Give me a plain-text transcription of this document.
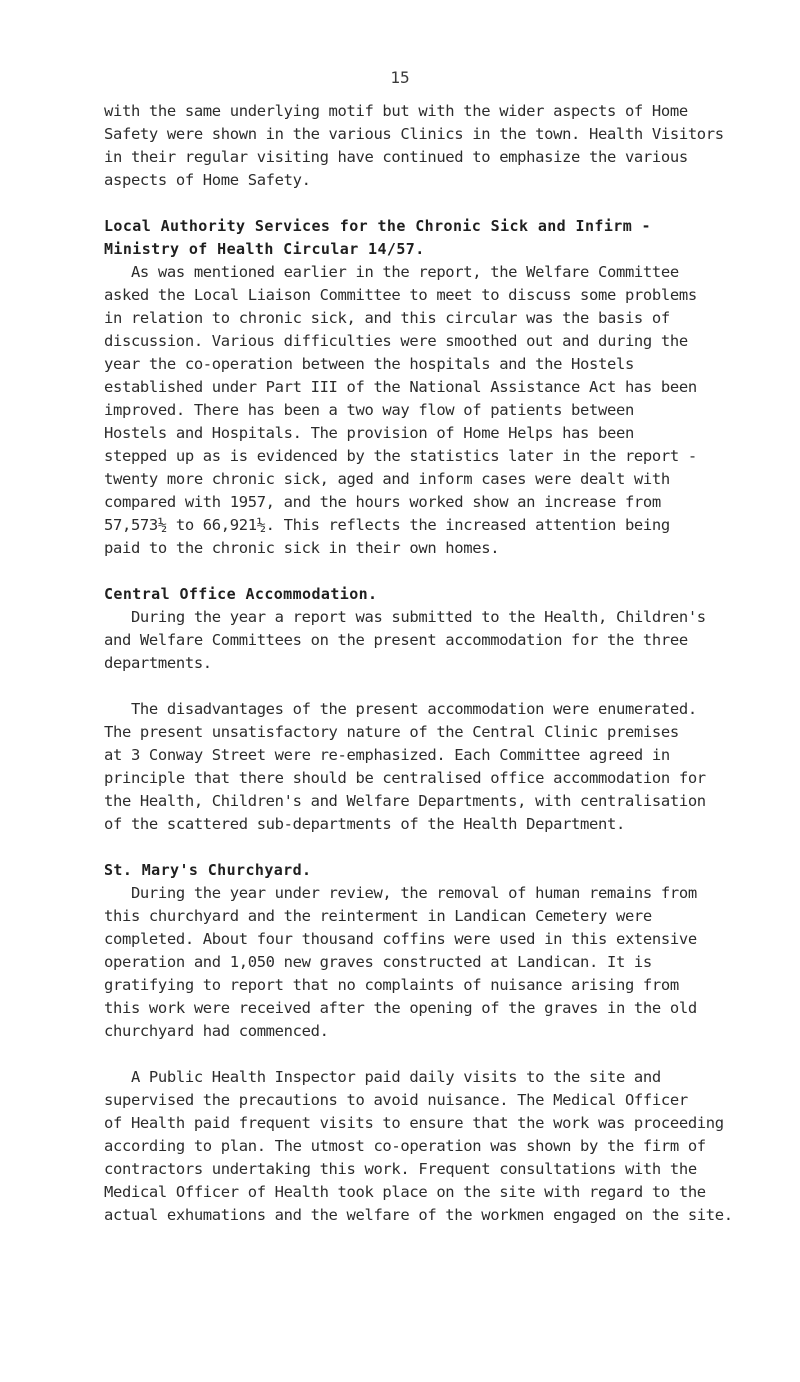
15
with the same underlying motif but with the wider aspects of Home
Safety were shown in the various Clinics in the town. Health Visitors
in their regular visiting have continued to emphasize the various
aspects of Home Safety.
Local Authority Services for the Chronic Sick and Infirm -
Ministry of Health Circular 14/57.
As was mentioned earlier in the report, the Welfare Committee
asked the Local Liaison Committee to meet to discuss some problems
in relation to chronic sick, and this circular was the basis of
discussion. Various difficulties were smoothed out and during the
year the co-operation between the hospitals and the Hostels
established under Part III of the National Assistance Act has been
improved. There has been a two way flow of patients between
Hostels and Hospitals. The provision of Home Helps has been
stepped up as is evidenced by the statistics later in the report -
twenty more chronic sick, aged and inform cases were dealt with
compared with 1957, and the hours worked show an increase from
57,573½ to 66,921½. This reflects the increased attention being
paid to the chronic sick in their own homes.
Central Office Accommodation.
During the year a report was submitted to the Health, Children's
and Welfare Committees on the present accommodation for the three
departments.
The disadvantages of the present accommodation were enumerated.
The present unsatisfactory nature of the Central Clinic premises
at 3 Conway Street were re-emphasized. Each Committee agreed in
principle that there should be centralised office accommodation for
the Health, Children's and Welfare Departments, with centralisation
of the scattered sub-departments of the Health Department.
St. Mary's Churchyard.
During the year under review, the removal of human remains from
this churchyard and the reinterment in Landican Cemetery were
completed. About four thousand coffins were used in this extensive
operation and 1,050 new graves constructed at Landican. It is
gratifying to report that no complaints of nuisance arising from
this work were received after the opening of the graves in the old
churchyard had commenced.
A Public Health Inspector paid daily visits to the site and
supervised the precautions to avoid nuisance. The Medical Officer
of Health paid frequent visits to ensure that the work was proceeding
according to plan. The utmost co-operation was shown by the firm of
contractors undertaking this work. Frequent consultations with the
Medical Officer of Health took place on the site with regard to the
actual exhumations and the welfare of the workmen engaged on the site.
